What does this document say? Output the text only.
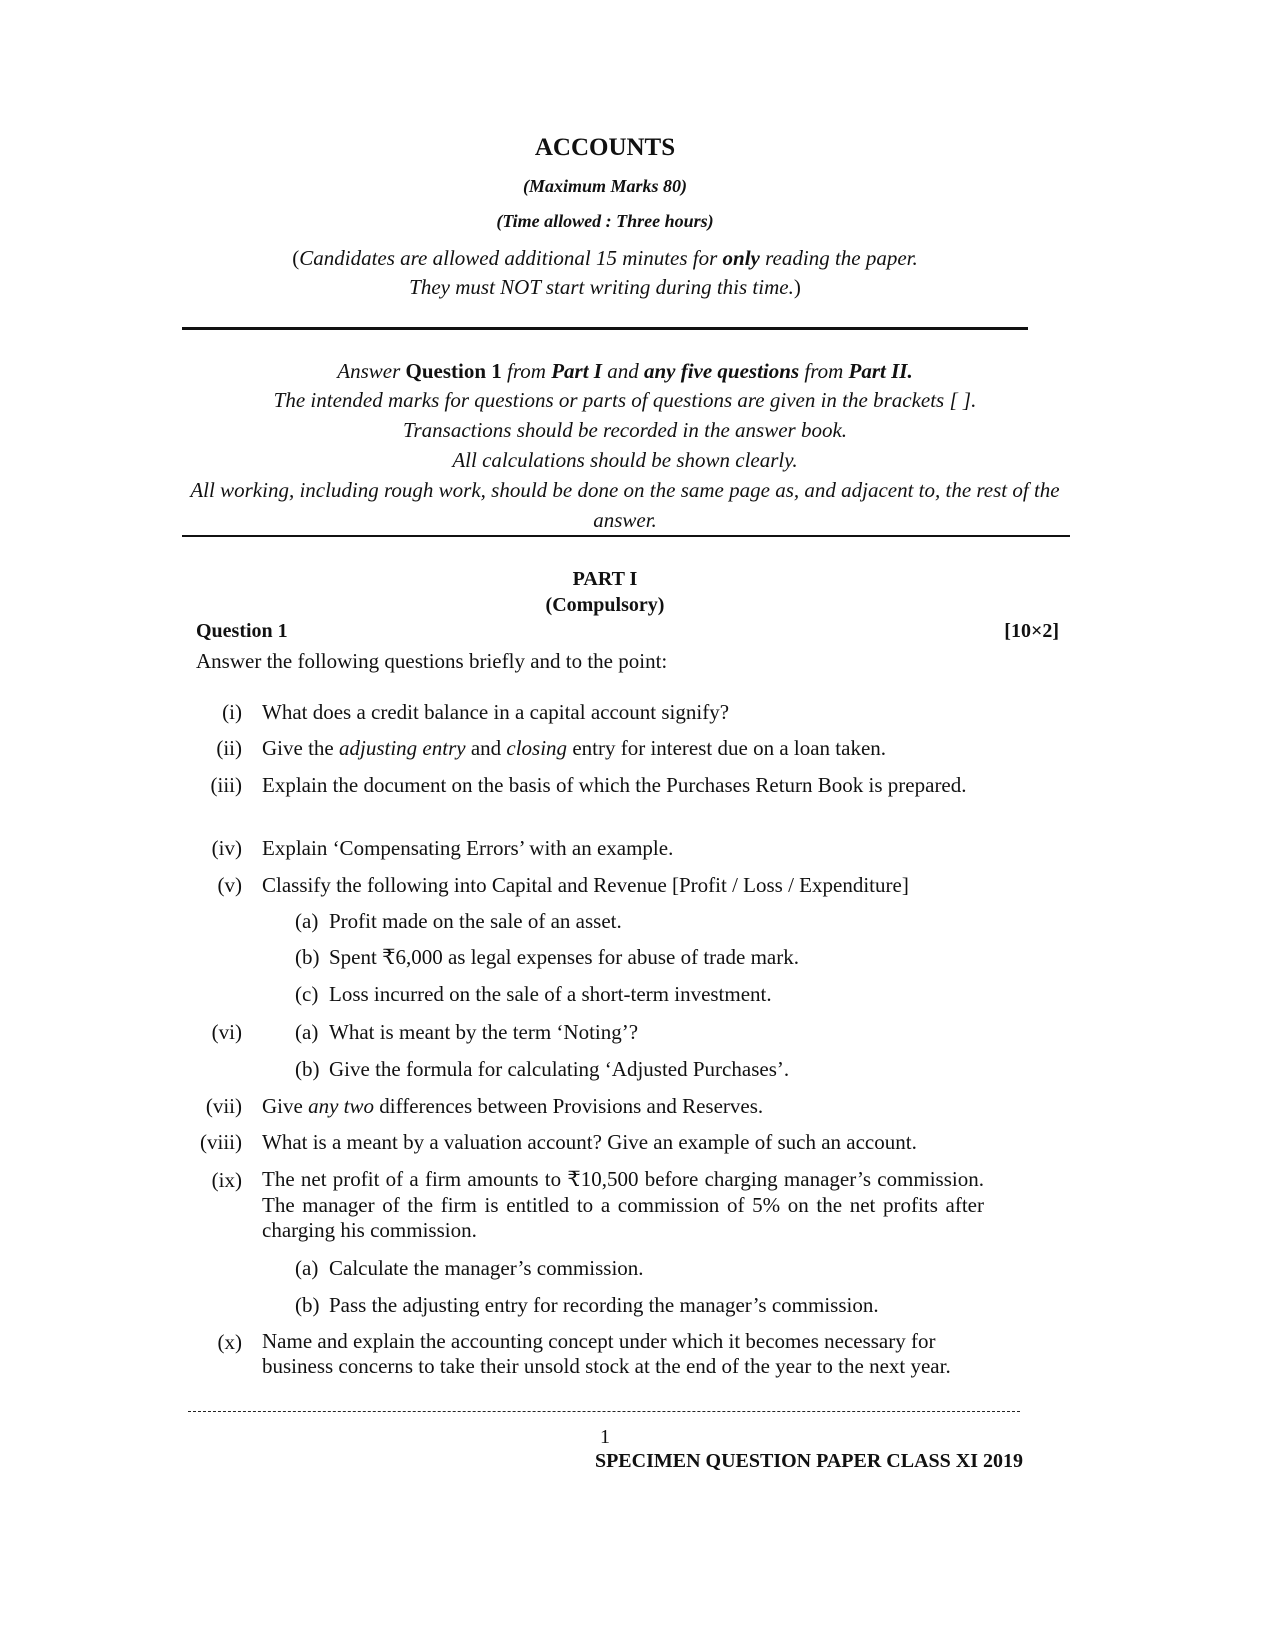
ACCOUNTS
(Maximum Marks 80)
(Time allowed : Three hours)
(Candidates are allowed additional 15 minutes for only reading the paper.
They must NOT start writing during this time.)
Answer Question 1 from Part I and any five questions from Part II.
The intended marks for questions or parts of questions are given in the brackets [ ].
Transactions should be recorded in the answer book.
All calculations should be shown clearly.
All working, including rough work, should be done on the same page as, and adjacent to, the rest of the answer.
PART I
(Compulsory)
Question 1	[10×2]
Answer the following questions briefly and to the point:
(i) What does a credit balance in a capital account signify?
(ii) Give the adjusting entry and closing entry for interest due on a loan taken.
(iii) Explain the document on the basis of which the Purchases Return Book is prepared.
(iv) Explain ‘Compensating Errors’ with an example.
(v) Classify the following into Capital and Revenue [Profit / Loss / Expenditure]
(a) Profit made on the sale of an asset.
(b) Spent ₹6,000 as legal expenses for abuse of trade mark.
(c) Loss incurred on the sale of a short-term investment.
(vi)	(a) What is meant by the term ‘Noting’?
(b) Give the formula for calculating ‘Adjusted Purchases’.
(vii) Give any two differences between Provisions and Reserves.
(viii) What is a meant by a valuation account? Give an example of such an account.
(ix) The net profit of a firm amounts to ₹10,500 before charging manager’s commission. The manager of the firm is entitled to a commission of 5% on the net profits after charging his commission.
(a) Calculate the manager’s commission.
(b) Pass the adjusting entry for recording the manager’s commission.
(x) Name and explain the accounting concept under which it becomes necessary for business concerns to take their unsold stock at the end of the year to the next year.
1
SPECIMEN QUESTION PAPER CLASS XI 2019
